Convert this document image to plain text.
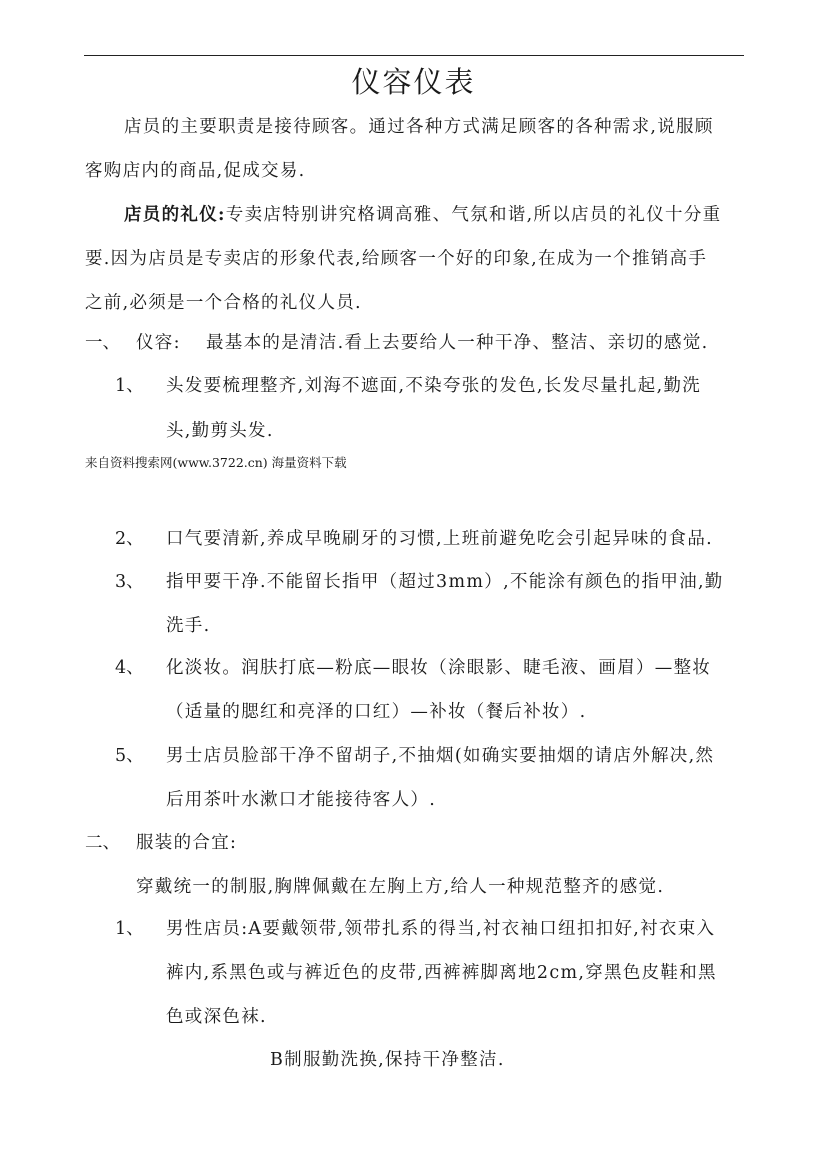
仪容仪表
店员的主要职责是接待顾客。通过各种方式满足顾客的各种需求,说服顾
客购店内的商品,促成交易.
店员的礼仪:专卖店特别讲究格调高雅、气氛和谐,所以店员的礼仪十分重
要.因为店员是专卖店的形象代表,给顾客一个好的印象,在成为一个推销高手
之前,必须是一个合格的礼仪人员.
一、 仪容: 最基本的是清洁.看上去要给人一种干净、整洁、亲切的感觉.
1、 头发要梳理整齐,刘海不遮面,不染夸张的发色,长发尽量扎起,勤洗
头,勤剪头发.
来自资料搜索网(www.3722.cn) 海量资料下载
2、 口气要清新,养成早晚刷牙的习惯,上班前避免吃会引起异味的食品.
3、 指甲要干净.不能留长指甲（超过3mm）,不能涂有颜色的指甲油,勤
洗手.
4、 化淡妆。润肤打底—粉底—眼妆（涂眼影、睫毛液、画眉）—整妆
（适量的腮红和亮泽的口红）—补妆（餐后补妆）.
5、 男士店员脸部干净不留胡子,不抽烟(如确实要抽烟的请店外解决,然
后用茶叶水漱口才能接待客人）.
二、 服装的合宜:
穿戴统一的制服,胸牌佩戴在左胸上方,给人一种规范整齐的感觉.
1、 男性店员:A要戴领带,领带扎系的得当,衬衣袖口纽扣扣好,衬衣束入
裤内,系黑色或与裤近色的皮带,西裤裤脚离地2cm,穿黑色皮鞋和黑
色或深色袜.
B制服勤洗换,保持干净整洁.
